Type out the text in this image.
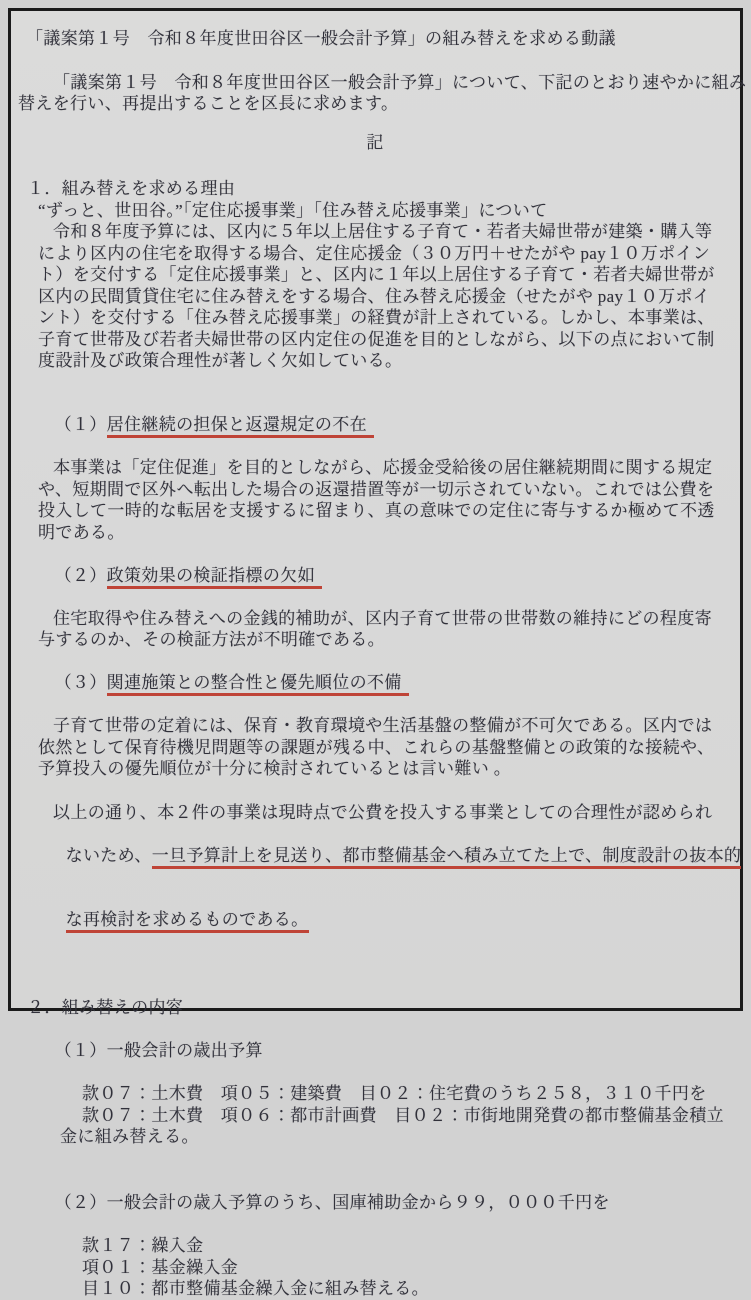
「議案第１号　令和８年度世田谷区一般会計予算」の組み替えを求める動議
「議案第１号　令和８年度世田谷区一般会計予算」について、下記のとおり速やかに組み
替えを行い、再提出することを区長に求めます。
記
１．組み替えを求める理由
“ずっと、世田谷。”「定住応援事業」「住み替え応援事業」について
令和８年度予算には、区内に５年以上居住する子育て・若者夫婦世帯が建築・購入等
により区内の住宅を取得する場合、定住応援金（３０万円＋せたがや pay１０万ポイン
ト）を交付する「定住応援事業」と、区内に１年以上居住する子育て・若者夫婦世帯が
区内の民間賃貸住宅に住み替えをする場合、住み替え応援金（せたがや pay１０万ポイ
ント）を交付する「住み替え応援事業」の経費が計上されている。しかし、本事業は、
子育て世帯及び若者夫婦世帯の区内定住の促進を目的としながら、以下の点において制
度設計及び政策合理性が著しく欠如している。

（１）居住継続の担保と返還規定の不在

本事業は「定住促進」を目的としながら、応援金受給後の居住継続期間に関する規定
や、短期間で区外へ転出した場合の返還措置等が一切示されていない。これでは公費を
投入して一時的な転居を支援するに留まり、真の意味での定住に寄与するか極めて不透
明である。

（２）政策効果の検証指標の欠如

住宅取得や住み替えへの金銭的補助が、区内子育て世帯の世帯数の維持にどの程度寄
与するのか、その検証方法が不明確である。

（３）関連施策との整合性と優先順位の不備

子育て世帯の定着には、保育・教育環境や生活基盤の整備が不可欠である。区内では
依然として保育待機児問題等の課題が残る中、これらの基盤整備との政策的な接続や、
予算投入の優先順位が十分に検討されているとは言い難い 。
以上の通り、本２件の事業は現時点で公費を投入する事業としての合理性が認められ

ないため、一旦予算計上を見送り、都市整備基金へ積み立てた上で、制度設計の抜本的

な再検討を求めるものである。

２．組み替えの内容

（１）一般会計の歳出予算

款０７：土木費　項０５：建築費　目０２：住宅費のうち２５８，３１０千円を
款０７：土木費　項０６：都市計画費　目０２：市街地開発費の都市整備基金積立
金に組み替える。

（２）一般会計の歳入予算のうち、国庫補助金から９９，０００千円を

款１７：繰入金
項０１：基金繰入金
目１０：都市整備基金繰入金に組み替える。
